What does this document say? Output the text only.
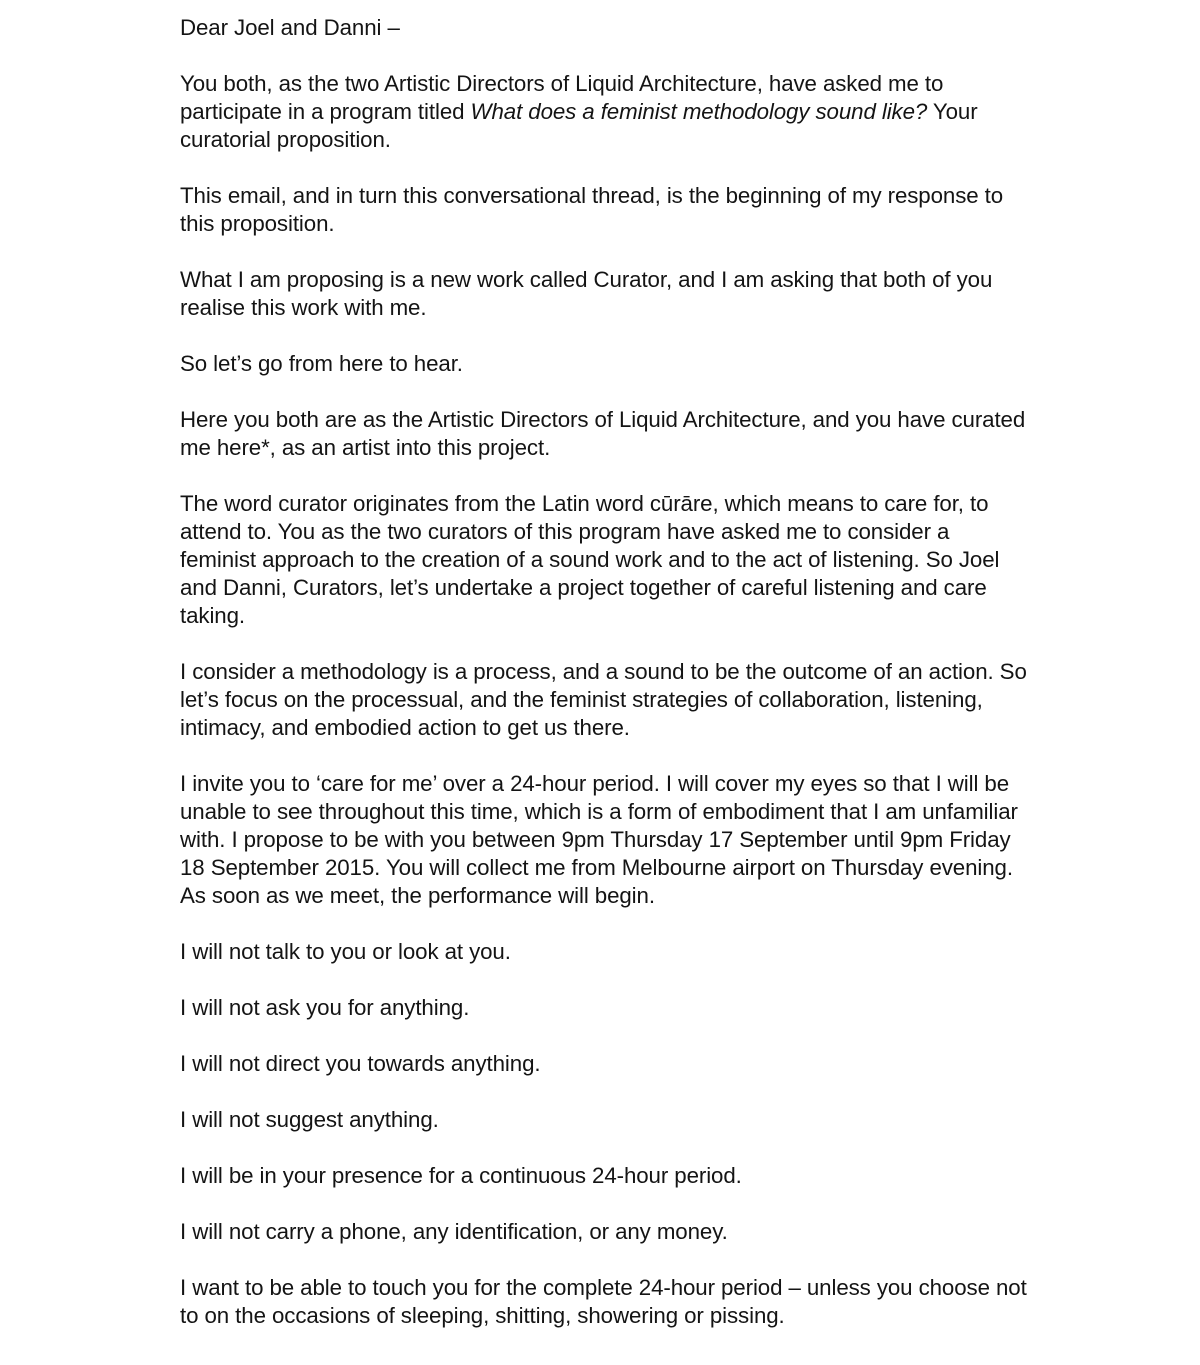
Dear Joel and Danni –

You both, as the two Artistic Directors of Liquid Architecture, have asked me to participate in a program titled What does a feminist methodology sound like? Your curatorial proposition.

This email, and in turn this conversational thread, is the beginning of my response to this proposition.

What I am proposing is a new work called Curator, and I am asking that both of you realise this work with me.

So let’s go from here to hear.

Here you both are as the Artistic Directors of Liquid Architecture, and you have curated me here*, as an artist into this project.

The word curator originates from the Latin word cūrāre, which means to care for, to attend to. You as the two curators of this program have asked me to consider a feminist approach to the creation of a sound work and to the act of listening. So Joel and Danni, Curators, let’s undertake a project together of careful listening and care taking.

I consider a methodology is a process, and a sound to be the outcome of an action. So let’s focus on the processual, and the feminist strategies of collaboration, listening, intimacy, and embodied action to get us there.

I invite you to ‘care for me’ over a 24-hour period. I will cover my eyes so that I will be unable to see throughout this time, which is a form of embodiment that I am unfamiliar with. I propose to be with you between 9pm Thursday 17 September until 9pm Friday 18 September 2015. You will collect me from Melbourne airport on Thursday evening. As soon as we meet, the performance will begin.

I will not talk to you or look at you.

I will not ask you for anything.

I will not direct you towards anything.

I will not suggest anything.

I will be in your presence for a continuous 24-hour period.

I will not carry a phone, any identification, or any money.

I want to be able to touch you for the complete 24-hour period – unless you choose not to on the occasions of sleeping, shitting, showering or pissing.
